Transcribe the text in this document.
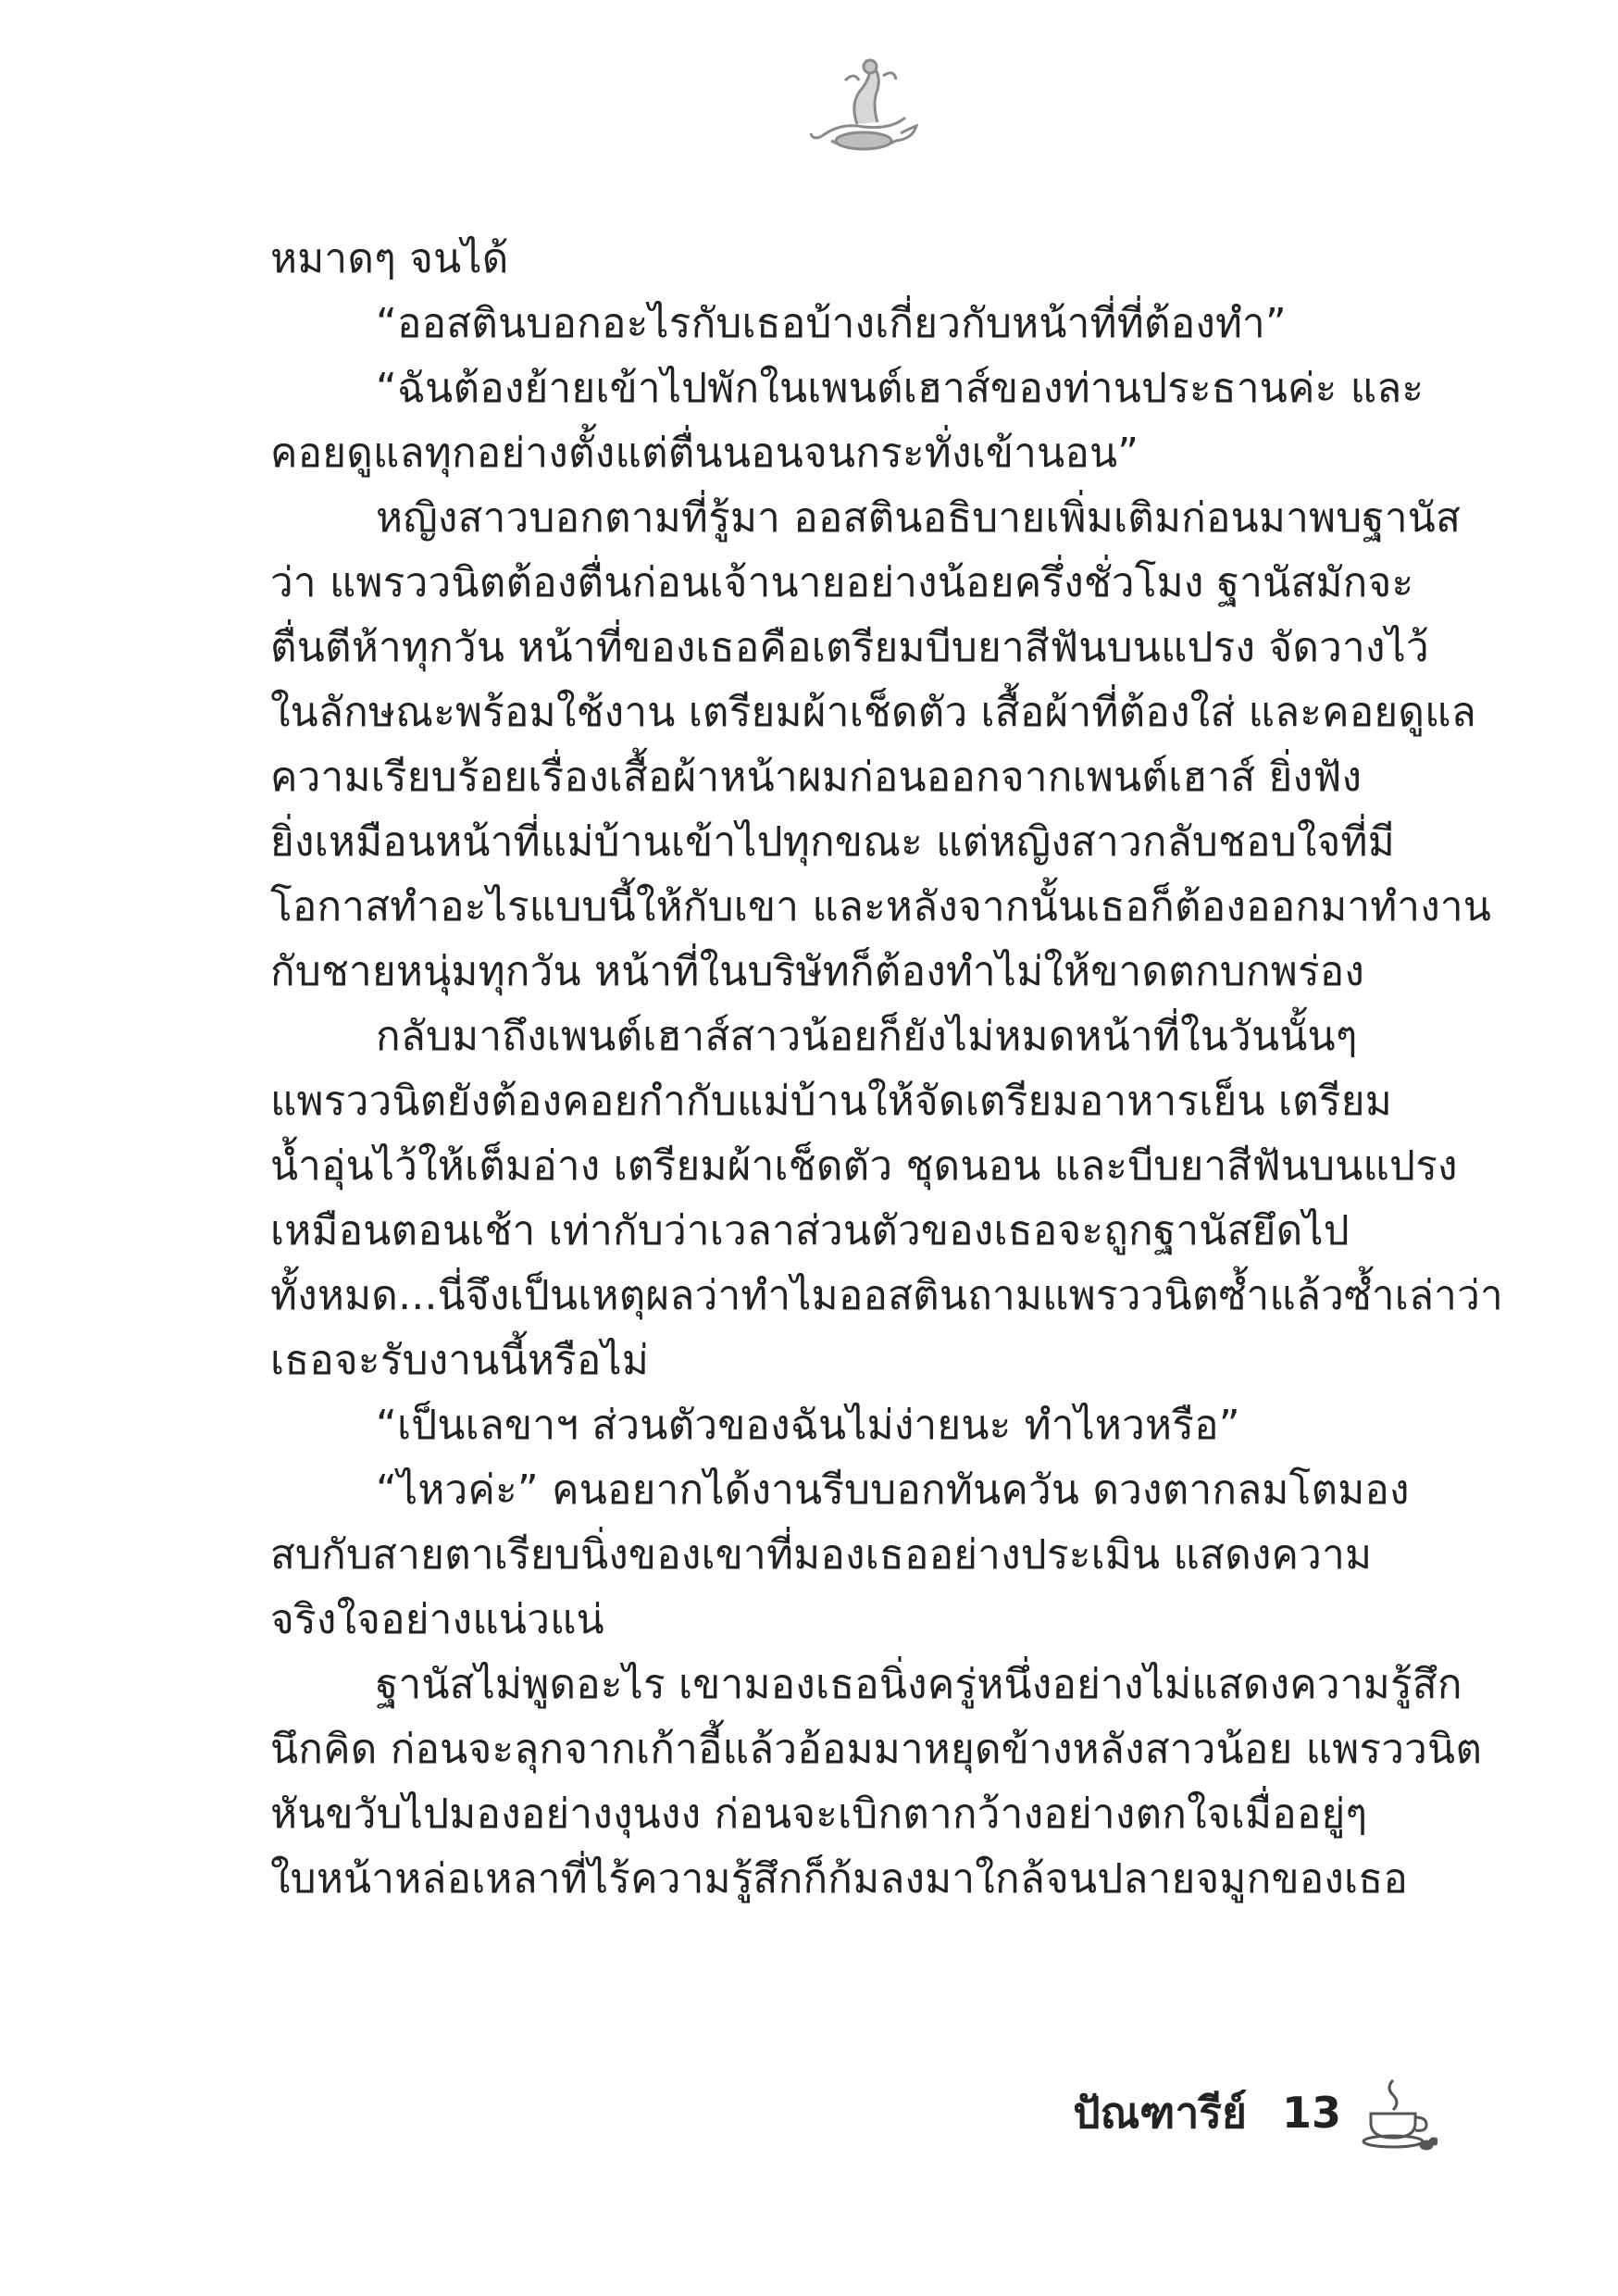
หมาดๆ จนได้
“ออสตินบอกอะไรกับเธอบ้างเกี่ยวกับหน้าที่ที่ต้องทำ”
“ฉันต้องย้ายเข้าไปพักในเพนต์เฮาส์ของท่านประธานค่ะ และ
คอยดูแลทุกอย่างตั้งแต่ตื่นนอนจนกระทั่งเข้านอน”
หญิงสาวบอกตามที่รู้มา ออสตินอธิบายเพิ่มเติมก่อนมาพบฐานัส
ว่า แพรววนิตต้องตื่นก่อนเจ้านายอย่างน้อยครึ่งชั่วโมง ฐานัสมักจะ
ตื่นตีห้าทุกวัน หน้าที่ของเธอคือเตรียมบีบยาสีฟันบนแปรง จัดวางไว้
ในลักษณะพร้อมใช้งาน เตรียมผ้าเช็ดตัว เสื้อผ้าที่ต้องใส่ และคอยดูแล
ความเรียบร้อยเรื่องเสื้อผ้าหน้าผมก่อนออกจากเพนต์เฮาส์ ยิ่งฟัง
ยิ่งเหมือนหน้าที่แม่บ้านเข้าไปทุกขณะ แต่หญิงสาวกลับชอบใจที่มี
โอกาสทำอะไรแบบนี้ให้กับเขา และหลังจากนั้นเธอก็ต้องออกมาทำงาน
กับชายหนุ่มทุกวัน หน้าที่ในบริษัทก็ต้องทำไม่ให้ขาดตกบกพร่อง
กลับมาถึงเพนต์เฮาส์สาวน้อยก็ยังไม่หมดหน้าที่ในวันนั้นๆ
แพรววนิตยังต้องคอยกำกับแม่บ้านให้จัดเตรียมอาหารเย็น เตรียม
น้ำอุ่นไว้ให้เต็มอ่าง เตรียมผ้าเช็ดตัว ชุดนอน และบีบยาสีฟันบนแปรง
เหมือนตอนเช้า เท่ากับว่าเวลาส่วนตัวของเธอจะถูกฐานัสยึดไป
ทั้งหมด...นี่จึงเป็นเหตุผลว่าทำไมออสตินถามแพรววนิตซ้ำแล้วซ้ำเล่าว่า
เธอจะรับงานนี้หรือไม่
“เป็นเลขาฯ ส่วนตัวของฉันไม่ง่ายนะ ทำไหวหรือ”
“ไหวค่ะ” คนอยากได้งานรีบบอกทันควัน ดวงตากลมโตมอง
สบกับสายตาเรียบนิ่งของเขาที่มองเธออย่างประเมิน แสดงความ
จริงใจอย่างแน่วแน่
ฐานัสไม่พูดอะไร เขามองเธอนิ่งครู่หนึ่งอย่างไม่แสดงความรู้สึก
นึกคิด ก่อนจะลุกจากเก้าอี้แล้วอ้อมมาหยุดข้างหลังสาวน้อย แพรววนิต
หันขวับไปมองอย่างงุนงง ก่อนจะเบิกตากว้างอย่างตกใจเมื่ออยู่ๆ
ใบหน้าหล่อเหลาที่ไร้ความรู้สึกก็ก้มลงมาใกล้จนปลายจมูกของเธอ
ปัณฑารีย์ 13
